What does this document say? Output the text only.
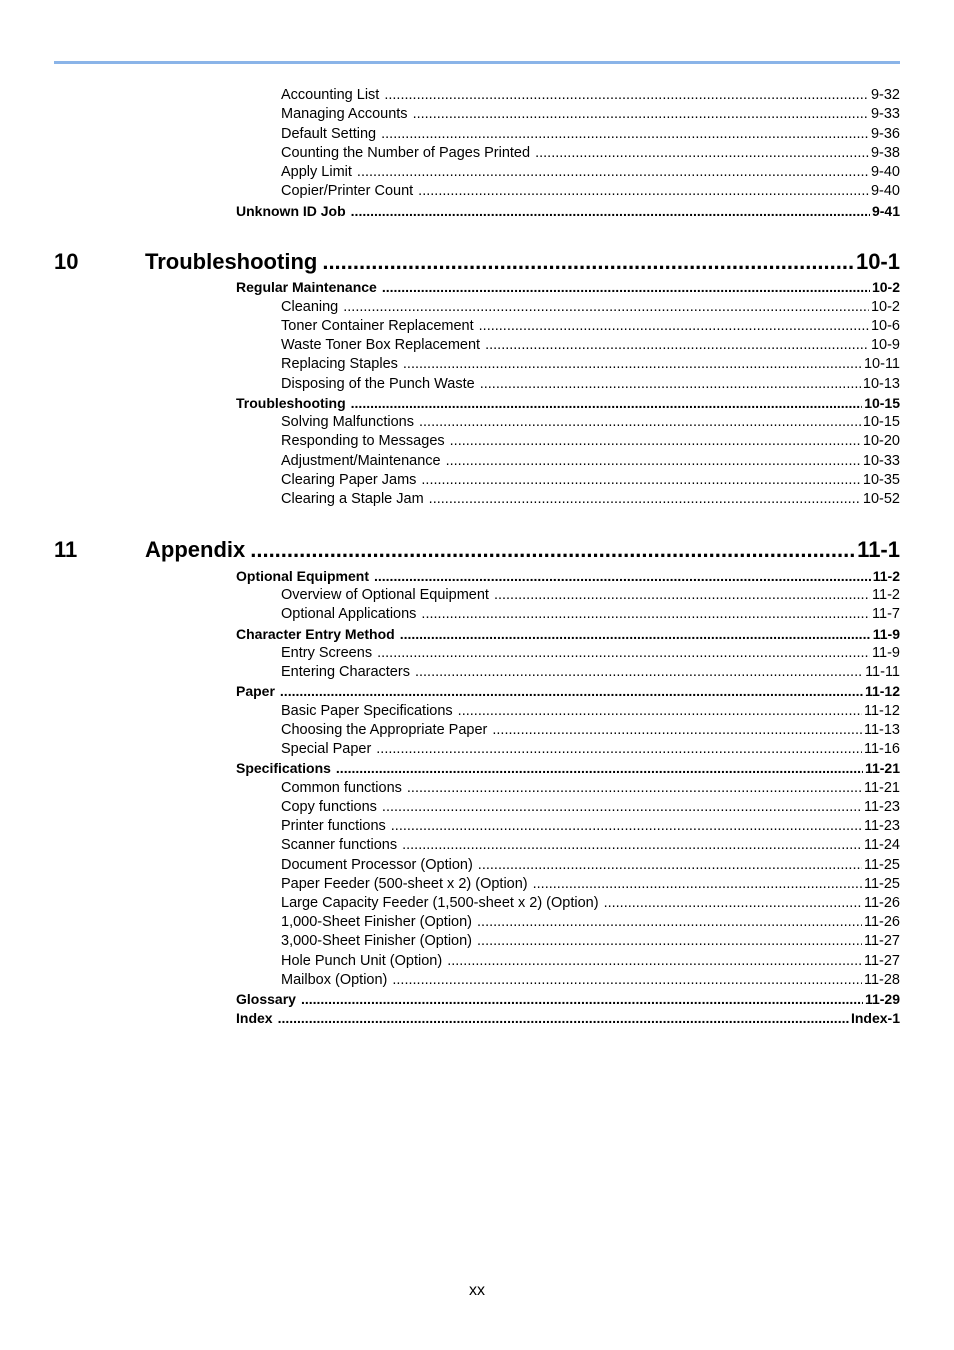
Accounting List .....	9-32
Managing Accounts .....	9-33
Default Setting .....	9-36
Counting the Number of Pages Printed .....	9-38
Apply Limit .....	9-40
Copier/Printer Count .....	9-40
Unknown ID Job .....	9-41
10	Troubleshooting .....	10-1
Regular Maintenance .....	10-2
Cleaning .....	10-2
Toner Container Replacement .....	10-6
Waste Toner Box Replacement .....	10-9
Replacing Staples .....	10-11
Disposing of the Punch Waste .....	10-13
Troubleshooting .....	10-15
Solving Malfunctions .....	10-15
Responding to Messages .....	10-20
Adjustment/Maintenance .....	10-33
Clearing Paper Jams .....	10-35
Clearing a Staple Jam .....	10-52
11	Appendix .....	11-1
Optional Equipment .....	11-2
Overview of Optional Equipment .....	11-2
Optional Applications .....	11-7
Character Entry Method .....	11-9
Entry Screens .....	11-9
Entering Characters .....	11-11
Paper .....	11-12
Basic Paper Specifications .....	11-12
Choosing the Appropriate Paper .....	11-13
Special Paper .....	11-16
Specifications .....	11-21
Common functions .....	11-21
Copy functions .....	11-23
Printer functions .....	11-23
Scanner functions .....	11-24
Document Processor (Option) .....	11-25
Paper Feeder (500-sheet x 2) (Option) .....	11-25
Large Capacity Feeder (1,500-sheet x 2) (Option) .....	11-26
1,000-Sheet Finisher (Option) .....	11-26
3,000-Sheet Finisher (Option) .....	11-27
Hole Punch Unit (Option) .....	11-27
Mailbox (Option) .....	11-28
Glossary .....	11-29
Index .....	Index-1
xx
